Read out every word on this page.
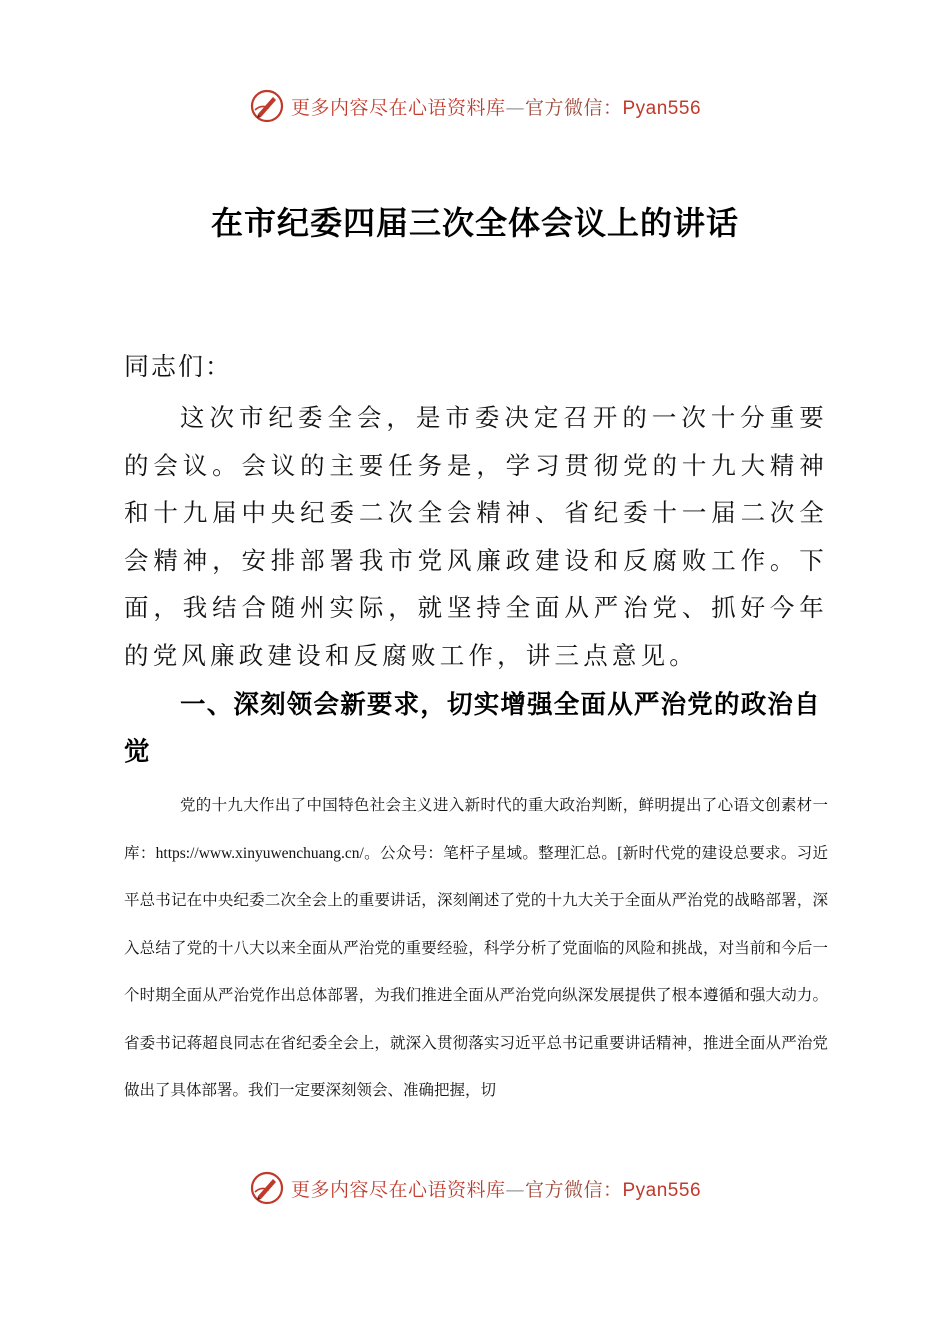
更多内容尽在心语资料库—官方微信：Pyan556
在市纪委四届三次全体会议上的讲话
同志们：

这次市纪委全会，是市委决定召开的一次十分重要的会议。会议的主要任务是，学习贯彻党的十九大精神和十九届中央纪委二次全会精神、省纪委十一届二次全会精神，安排部署我市党风廉政建设和反腐败工作。下面，我结合随州实际，就坚持全面从严治党、抓好今年的党风廉政建设和反腐败工作，讲三点意见。

一、深刻领会新要求，切实增强全面从严治党的政治自觉

党的十九大作出了中国特色社会主义进入新时代的重大政治判断，鲜明提出了心语文创素材一库：https://www.xinyuwenchuang.cn/。公众号：笔杆子星域。整理汇总。[新时代党的建设总要求。习近平总书记在中央纪委二次全会上的重要讲话，深刻阐述了党的十九大关于全面从严治党的战略部署，深入总结了党的十八大以来全面从严治党的重要经验，科学分析了党面临的风险和挑战，对当前和今后一个时期全面从严治党作出总体部署，为我们推进全面从严治党向纵深发展提供了根本遵循和强大动力。省委书记蒋超良同志在省纪委全会上，就深入贯彻落实习近平总书记重要讲话精神，推进全面从严治党做出了具体部署。我们一定要深刻领会、准确把握，切

更多内容尽在心语资料库—官方微信：Pyan556
